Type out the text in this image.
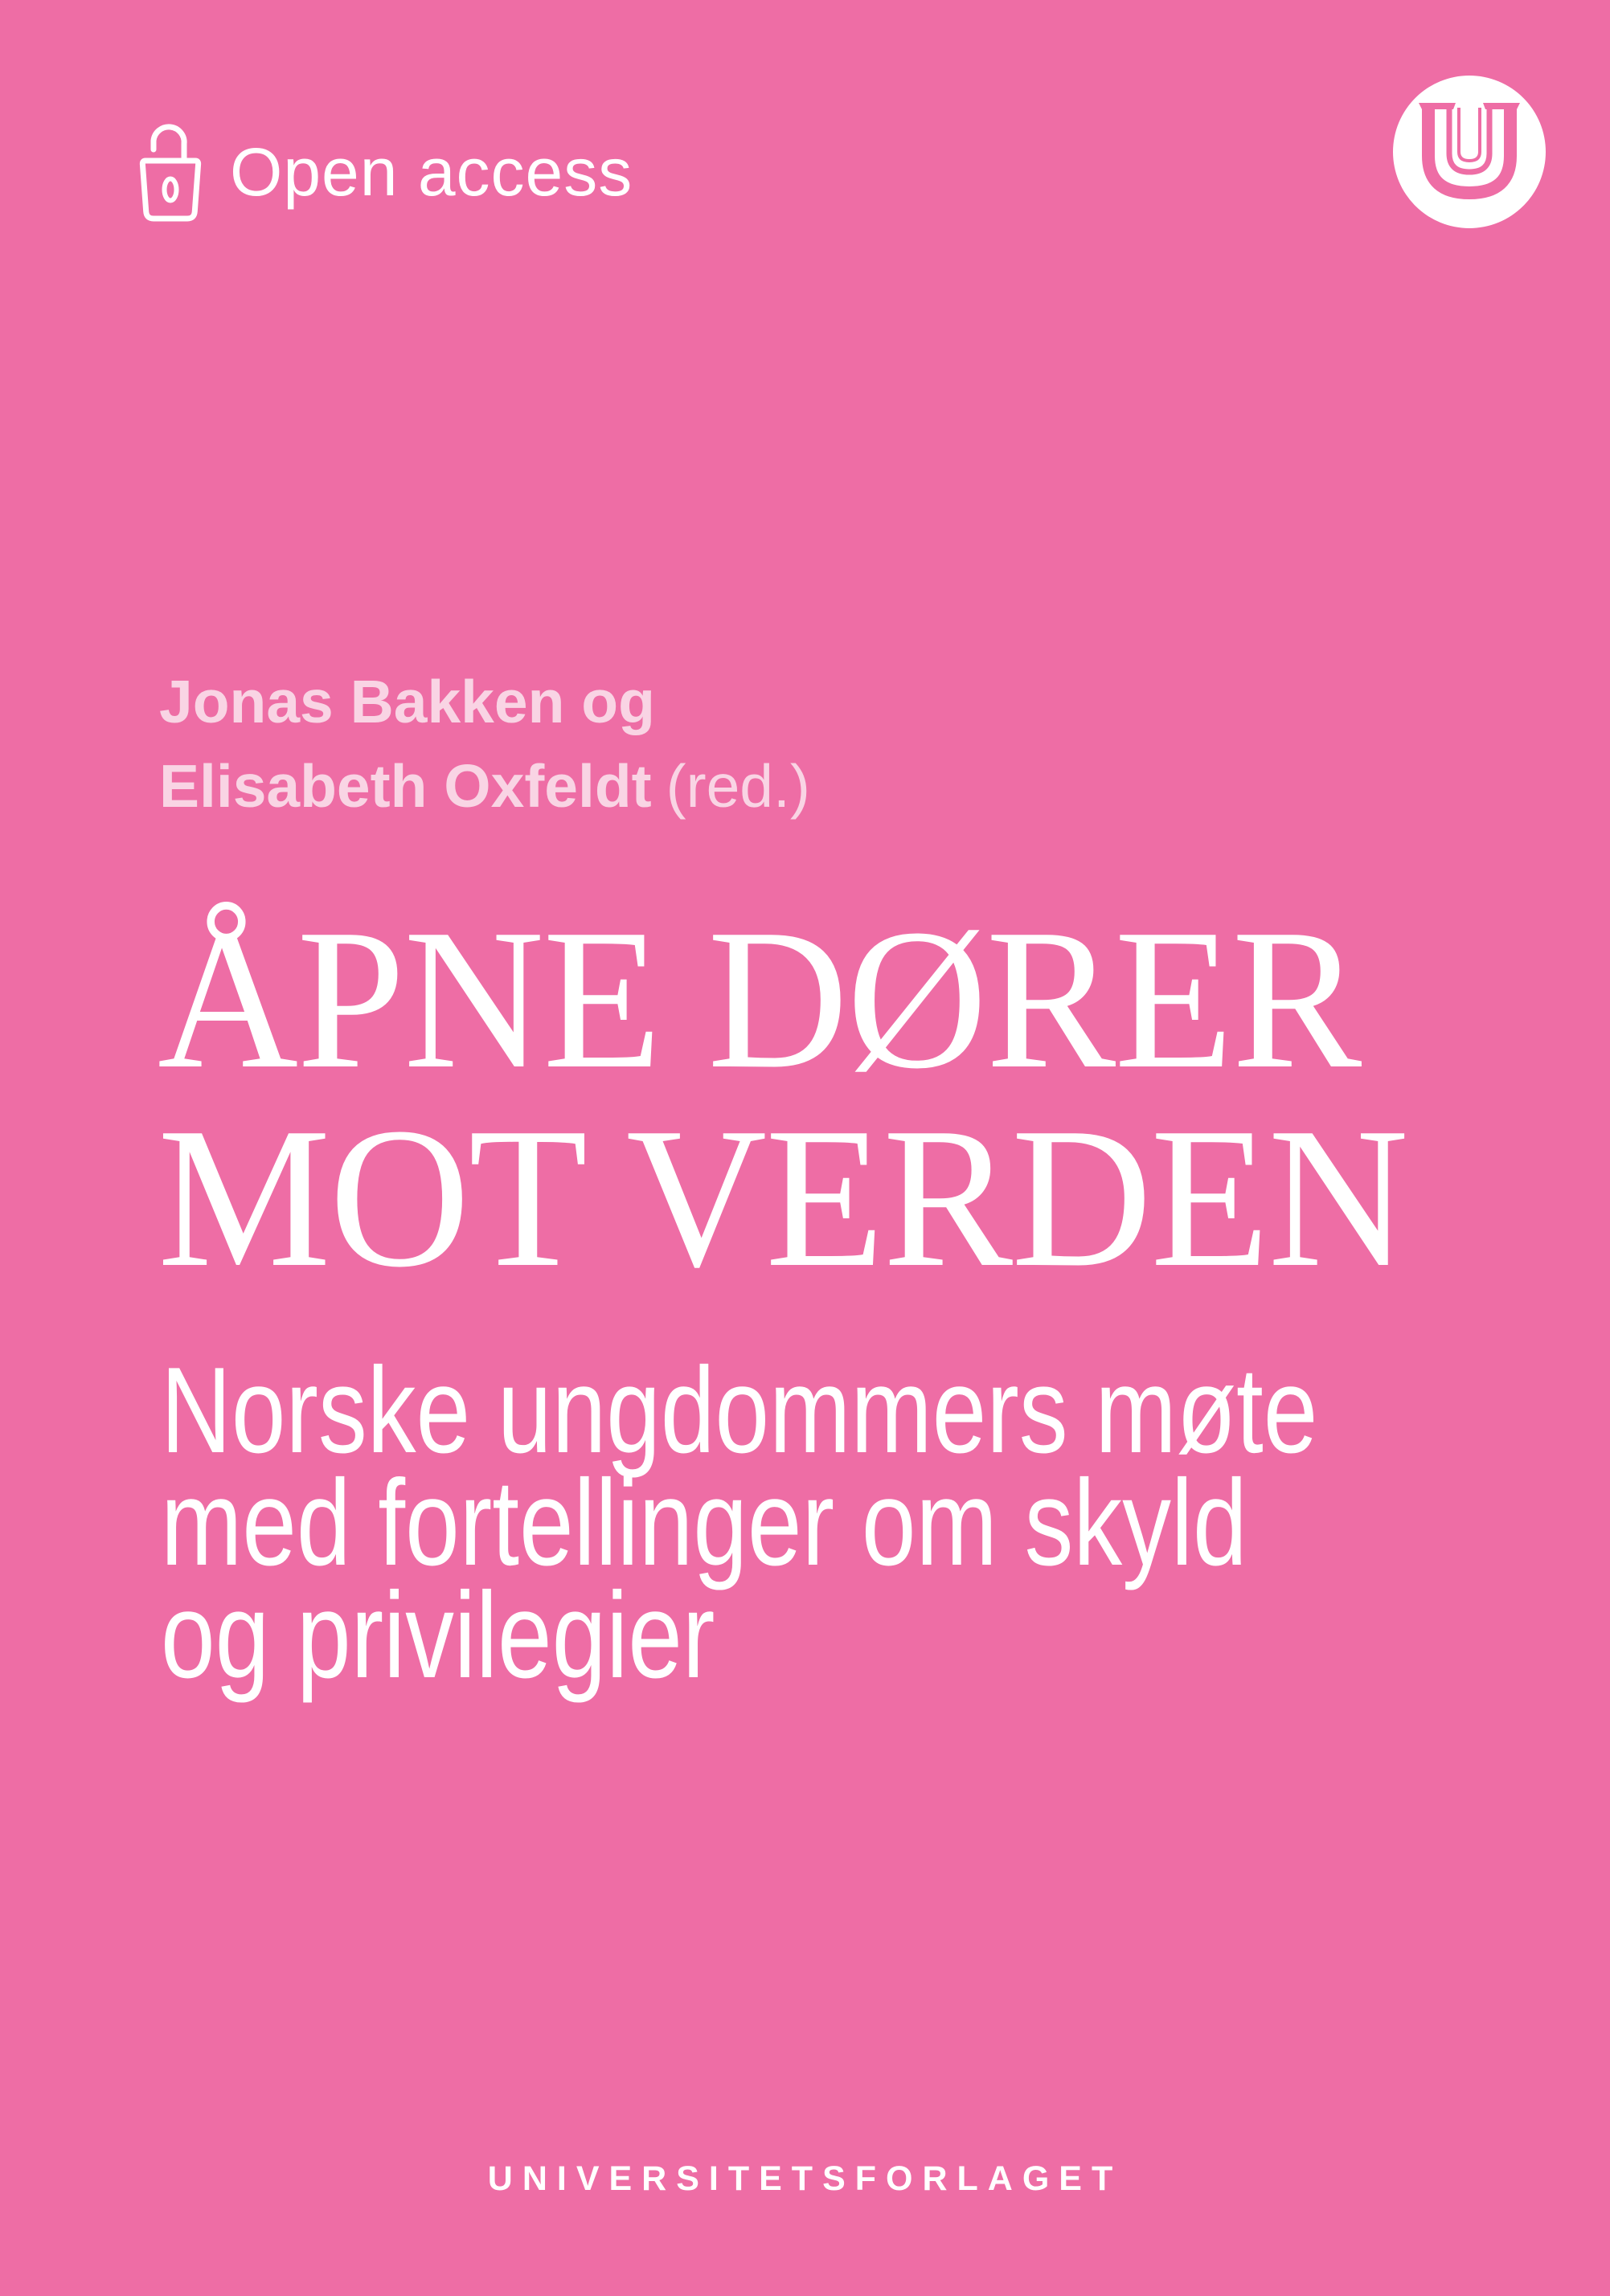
Open access
Jonas Bakken og
Elisabeth Oxfeldt (red.)
ÅPNE DØRER
MOT VERDEN
Norske ungdommers møte
med fortellinger om skyld
og privilegier
UNIVERSITETSFORLAGET
